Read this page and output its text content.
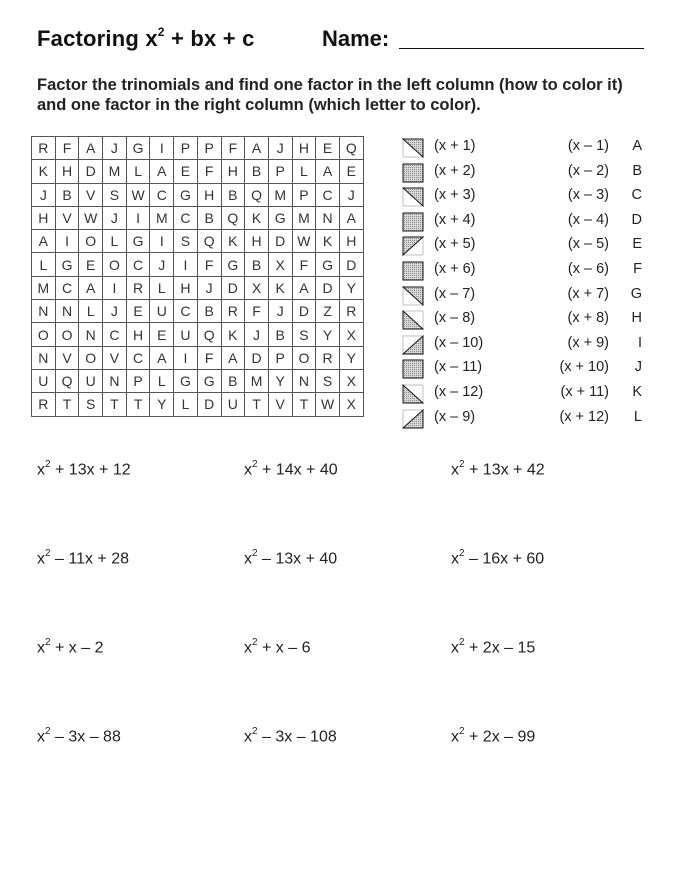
Factoring $x^2$ + bx + c	Name:
Factor the trinomials and find one factor in the left column (how to color it) and one factor in the right column (which letter to color).
R	F	A	J	G	I	P	P	F	A	J	H	E	Q
K	H	D	M	L	A	E	F	H	B	P	L	A	E
J	B	V	S	W	C	G	H	B	Q	M	P	C	J
H	V	W	J	I	M	C	B	Q	K	G	M	N	A
A	I	O	L	G	I	S	Q	K	H	D	W	K	H
L	G	E	O	C	J	I	F	G	B	X	F	G	D
M	C	A	I	R	L	H	J	D	X	K	A	D	Y
N	N	L	J	E	U	C	B	R	F	J	D	Z	R
O	O	N	C	H	E	U	Q	K	J	B	S	Y	X
N	V	O	V	C	A	I	F	A	D	P	O	R	Y
U	Q	U	N	P	L	G	G	B	M	Y	N	S	X
R	T	S	T	T	Y	L	D	U	T	V	T	W	X
(x + 1)	(x – 1) A
(x + 2)	(x – 2) B
(x + 3)	(x – 3) C
(x + 4)	(x – 4) D
(x + 5)	(x – 5) E
(x + 6)	(x – 6) F
(x – 7)	(x + 7) G
(x – 8)	(x + 8) H
(x – 10)	(x + 9) I
(x – 11)	(x + 10) J
(x – 12)	(x + 11) K
(x – 9)	(x + 12) L
$x^2 + 13x + 12$	$x^2 + 14x + 40$	$x^2 + 13x + 42$
$x^2 - 11x + 28$	$x^2 - 13x + 40$	$x^2 - 16x + 60$
$x^2 + x - 2$	$x^2 + x - 6$	$x^2 + 2x - 15$
$x^2 - 3x - 88$	$x^2 - 3x - 108$	$x^2 + 2x - 99$
